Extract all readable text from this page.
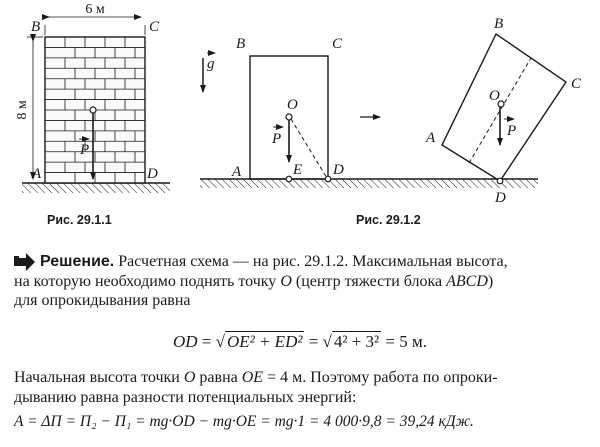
6 м
8 м
B	C
A	D
P
Рис. 29.1.1
g
B	C
A	D
O
P
E
P
O
B
C
A
D
Рис. 29.1.2
Решение. Расчетная схема — на рис. 29.1.2. Максимальная высота,
на которую необходимо поднять точку O (центр тяжести блока ABCD)
для опрокидывания равна
OD = √ OE² + ED² = √ 4² + 3² = 5 м.
Начальная высота точки O равна OE = 4 м. Поэтому работа по опроки-
дыванию равна разности потенциальных энергий:
A = ΔΠ = Π₂ − Π₁ = mg·OD − mg·OE = mg·1 = 4 000·9,8 = 39,24 кДж.
